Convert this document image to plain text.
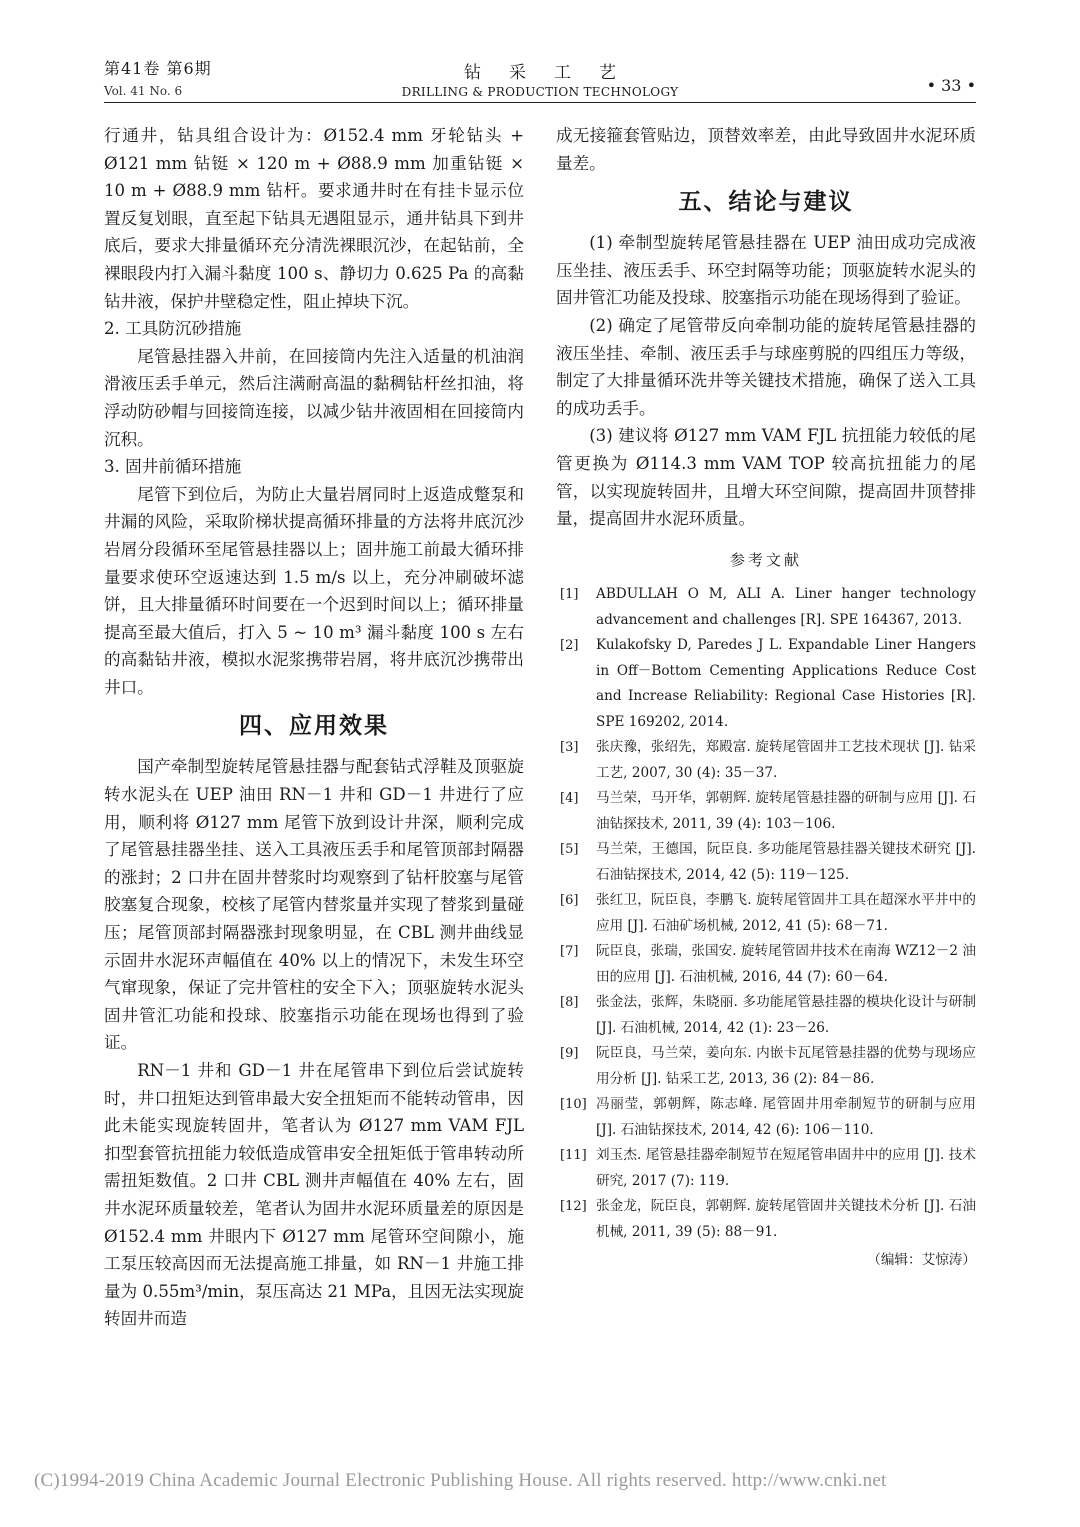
第41卷 第6期
Vol. 41 No. 6
钻采工艺
DRILLING & PRODUCTION TECHNOLOGY	• 33 •

行通井，钻具组合设计为：Ø152.4 mm 牙轮钻头 + Ø121 mm 钻铤 × 120 m + Ø88.9 mm 加重钻铤 × 10 m + Ø88.9 mm 钻杆。要求通井时在有挂卡显示位置反复划眼，直至起下钻具无遇阻显示，通井钻具下到井底后，要求大排量循环充分清洗裸眼沉沙，在起钻前，全裸眼段内打入漏斗黏度 100 s、静切力 0.625 Pa 的高黏钻井液，保护井壁稳定性，阻止掉块下沉。

2. 工具防沉砂措施

尾管悬挂器入井前，在回接筒内先注入适量的机油润滑液压丢手单元，然后注满耐高温的黏稠钻杆丝扣油，将浮动防砂帽与回接筒连接，以减少钻井液固相在回接筒内沉积。

3. 固井前循环措施

尾管下到位后，为防止大量岩屑同时上返造成蹩泵和井漏的风险，采取阶梯状提高循环排量的方法将井底沉沙岩屑分段循环至尾管悬挂器以上；固井施工前最大循环排量要求使环空返速达到 1.5 m/s 以上，充分冲刷破坏滤饼，且大排量循环时间要在一个迟到时间以上；循环排量提高至最大值后，打入 5 ~ 10 m³ 漏斗黏度 100 s 左右的高黏钻井液，模拟水泥浆携带岩屑，将井底沉沙携带出井口。

四、应用效果

国产牵制型旋转尾管悬挂器与配套钻式浮鞋及顶驱旋转水泥头在 UEP 油田 RN－1 井和 GD－1 井进行了应用，顺利将 Ø127 mm 尾管下放到设计井深，顺利完成了尾管悬挂器坐挂、送入工具液压丢手和尾管顶部封隔器的涨封；2 口井在固井替浆时均观察到了钻杆胶塞与尾管胶塞复合现象，校核了尾管内替浆量并实现了替浆到量碰压；尾管顶部封隔器涨封现象明显，在 CBL 测井曲线显示固井水泥环声幅值在 40% 以上的情况下，未发生环空气窜现象，保证了完井管柱的安全下入；顶驱旋转水泥头固井管汇功能和投球、胶塞指示功能在现场也得到了验证。

RN－1 井和 GD－1 井在尾管串下到位后尝试旋转时，井口扭矩达到管串最大安全扭矩而不能转动管串，因此未能实现旋转固井，笔者认为 Ø127 mm VAM FJL 扣型套管抗扭能力较低造成管串安全扭矩低于管串转动所需扭矩数值。2 口井 CBL 测井声幅值在 40% 左右，固井水泥环质量较差，笔者认为固井水泥环质量差的原因是 Ø152.4 mm 井眼内下 Ø127 mm 尾管环空间隙小，施工泵压较高因而无法提高施工排量，如 RN－1 井施工排量为 0.55m³/min，泵压高达 21 MPa，且因无法实现旋转固井而造

成无接箍套管贴边，顶替效率差，由此导致固井水泥环质量差。

五、结论与建议

(1) 牵制型旋转尾管悬挂器在 UEP 油田成功完成液压坐挂、液压丢手、环空封隔等功能；顶驱旋转水泥头的固井管汇功能及投球、胶塞指示功能在现场得到了验证。

(2) 确定了尾管带反向牵制功能的旋转尾管悬挂器的液压坐挂、牵制、液压丢手与球座剪脱的四组压力等级，制定了大排量循环洗井等关键技术措施，确保了送入工具的成功丢手。

(3) 建议将 Ø127 mm VAM FJL 抗扭能力较低的尾管更换为 Ø114.3 mm VAM TOP 较高抗扭能力的尾管，以实现旋转固井，且增大环空间隙，提高固井顶替排量，提高固井水泥环质量。

参考文献
[1] ABDULLAH O M, ALI A. Liner hanger technology advancement and challenges [R]. SPE 164367, 2013.
[2] Kulakofsky D, Paredes J L. Expandable Liner Hangers in Off－Bottom Cementing Applications Reduce Cost and Increase Reliability: Regional Case Histories [R]. SPE 169202, 2014.
[3] 张庆豫，张绍先，郑殿富. 旋转尾管固井工艺技术现状 [J]. 钻采工艺, 2007, 30 (4): 35－37.
[4] 马兰荣，马开华，郭朝辉. 旋转尾管悬挂器的研制与应用 [J]. 石油钻探技术, 2011, 39 (4): 103－106.
[5] 马兰荣，王德国，阮臣良. 多功能尾管悬挂器关键技术研究 [J]. 石油钻探技术, 2014, 42 (5): 119－125.
[6] 张红卫，阮臣良，李鹏飞. 旋转尾管固井工具在超深水平井中的应用 [J]. 石油矿场机械, 2012, 41 (5): 68－71.
[7] 阮臣良，张瑞，张国安. 旋转尾管固井技术在南海 WZ12－2 油田的应用 [J]. 石油机械, 2016, 44 (7): 60－64.
[8] 张金法，张辉，朱晓丽. 多功能尾管悬挂器的模块化设计与研制 [J]. 石油机械, 2014, 42 (1): 23－26.
[9] 阮臣良，马兰荣，姜向东. 内嵌卡瓦尾管悬挂器的优势与现场应用分析 [J]. 钻采工艺, 2013, 36 (2): 84－86.
[10] 冯丽莹，郭朝辉，陈志峰. 尾管固井用牵制短节的研制与应用 [J]. 石油钻探技术, 2014, 42 (6): 106－110.
[11] 刘玉杰. 尾管悬挂器牵制短节在短尾管串固井中的应用 [J]. 技术研究, 2017 (7): 119.
[12] 张金龙，阮臣良，郭朝辉. 旋转尾管固井关键技术分析 [J]. 石油机械, 2011, 39 (5): 88－91.
（编辑：艾惊涛）
(C)1994-2019 China Academic Journal Electronic Publishing House. All rights reserved. http://www.cnki.net
